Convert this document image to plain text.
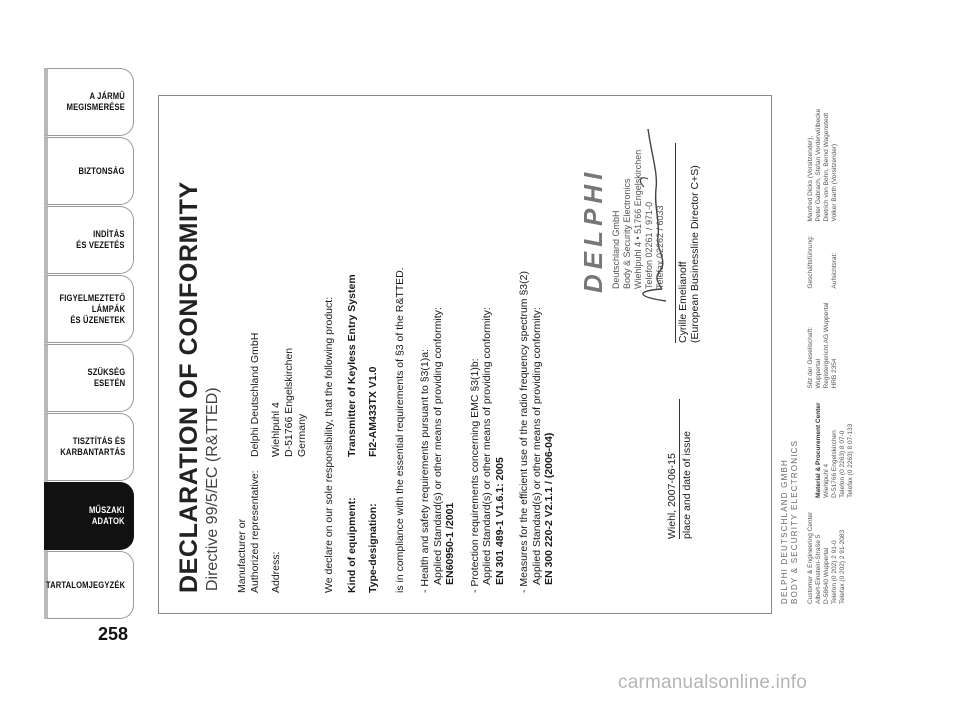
A JÁRMŰ
MEGISMERÉSE
BIZTONSÁG
INDÍTÁS
ÉS VEZETÉS
FIGYELMEZTETŐ
LÁMPÁK
ÉS ÜZENETEK
SZÜKSÉG
ESETÉN
TISZTÍTÁS ÉS
KARBANTARTÁS
MŰSZAKI
ADATOK
TARTALOMJEGYZÉK
258
DECLARATION OF CONFORMITY Directive 99/5/EC (R&TTED) Manufacturer or
Authorized representative:
Delphi Deutschland GmbH
Address:
Wiehlpuhl 4
D-51766 Engelskirchen
Germany We declare on our sole responsibility, that the following product: Kind of equipment:
Transmitter of Keyless Entry System
Type-designation:
FI2-AM433TX V1.0 is in compliance with the essential requirements of §3 of the R&TTED. - Health and safety requirements pursuant to §3(1)a: Applied Standard(s) or other means of providing conformity: EN60950-1 /2001 - Protection requirements concerning EMC §3(1)b: Applied Standard(s) or other means of providing conformity: EN 301 489-1 V1.6.1: 2005 - Measures for the efficient use of the radio frequency spectrum §3(2) Applied Standard(s) or other means of providing conformity: EN 300 220-2 V2.1.1 / (2006-04)
DELPHI Deutschland GmbH
Body & Security Electronics
Wiehlpuhl 4 • 51766 Engelskirchen
Telefon 02261 / 971-0
Telefax 02262 / 6033
Wiehl, 2007-06-15 place and date of issue
Cyrille Emelianoff (European Businessline Director C+S)
DELPHI DEUTSCHLAND GMBH BODY & SECURITY ELECTRONICS Customer & Engineering Center
Albert-Einstein-Straße 5
D-58640 Wuppertal
Telefon (0 202) 2 91-0
Telefax (0 202) 2 91-2083

Material & Procurement Center Wiehlpuhl 4
D-51766 Engelskirchen
Telefon (0 2263) 8 07-0
Telefax (0 2263) 8 07-133

Sitz der Gesellschaft:
Wuppertal
Registergericht AG Wuppertal
HRB 2354
Geschäftsführung:

Aufsichtsrat:
Manfred Dicks (Vorsitzender),
Peter Gabrach, Stefan Vorderwülbecke
Dietrich von Bohn, Bernd Wagenstedt
Volker Barth (Vorsitzender)
carmanualsonline.info
